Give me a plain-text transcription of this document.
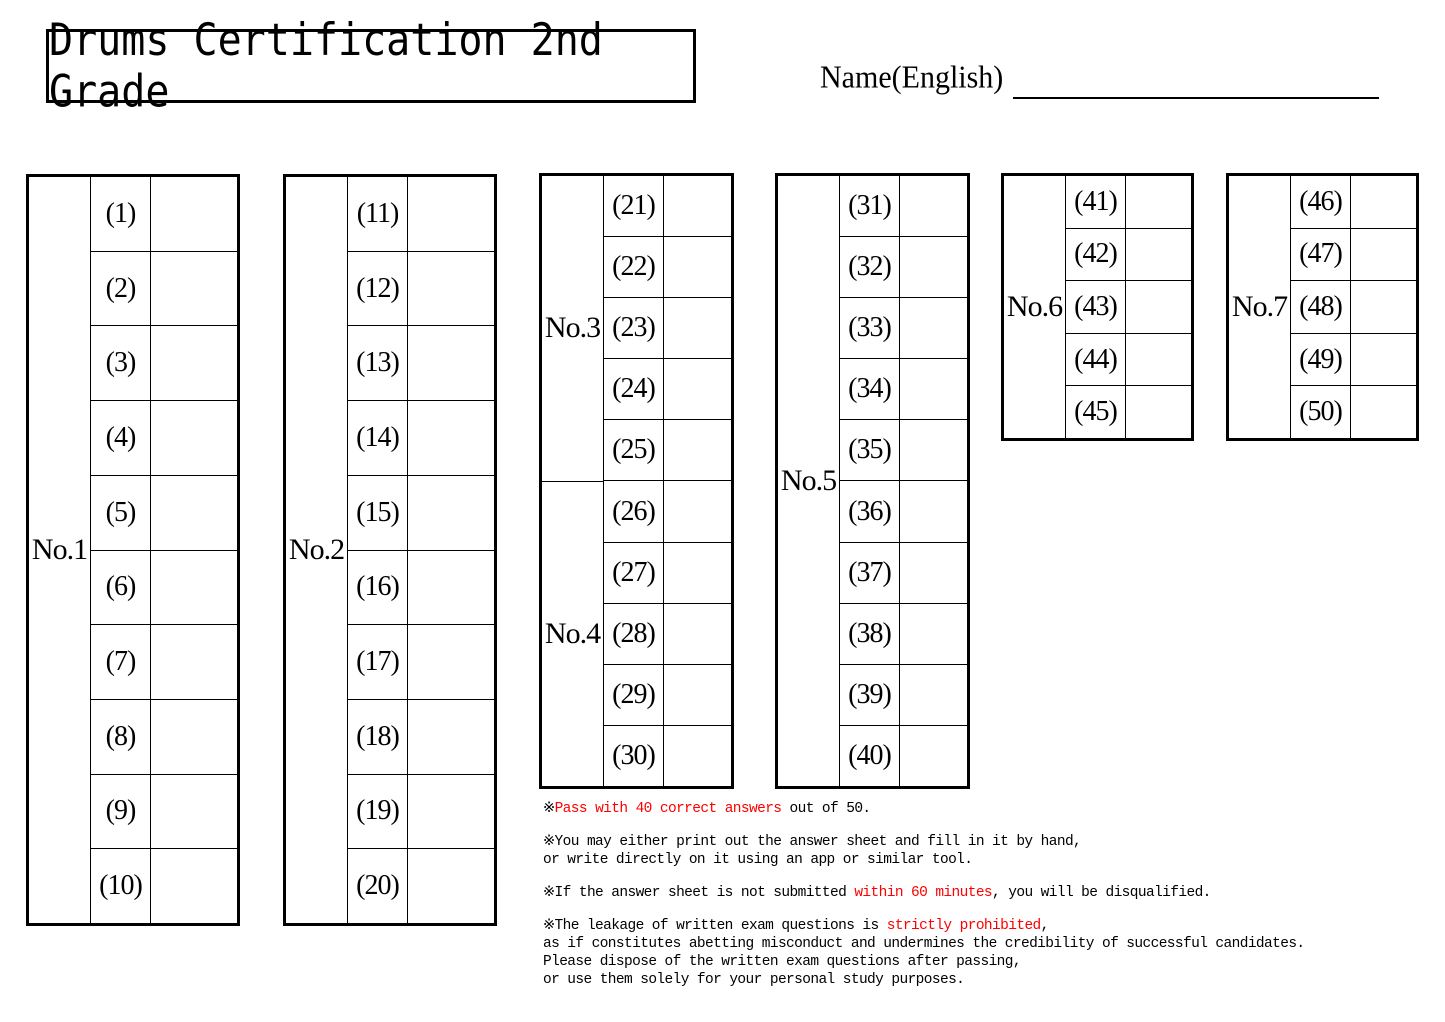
Drums Certification 2nd Grade	Name(English)
No.1
(1)
(2)
(3)
(4)
(5)
(6)
(7)
(8)
(9)
(10)
No.2
(11)
(12)
(13)
(14)
(15)
(16)
(17)
(18)
(19)
(20)
No.3
No.4
(21)
(22)
(23)
(24)
(25)
(26)
(27)
(28)
(29)
(30)
No.5
(31)
(32)
(33)
(34)
(35)
(36)
(37)
(38)
(39)
(40)
No.6
(41)
(42)
(43)
(44)
(45)
No.7
(46)
(47)
(48)
(49)
(50)
※Pass with 40 correct answers out of 50.
※You may either print out the answer sheet and fill in it by hand,
or write directly on it using an app or similar tool.
※If the answer sheet is not submitted within 60 minutes, you will be disqualified.
※The leakage of written exam questions is strictly prohibited,
as if constitutes abetting misconduct and undermines the credibility of successful candidates.
Please dispose of the written exam questions after passing,
or use them solely for your personal study purposes.
